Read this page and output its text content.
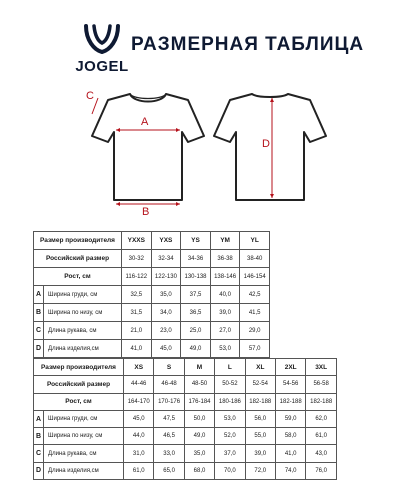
JOGEL
РАЗМЕРНАЯ ТАБЛИЦА
C
A
B
D
Размер производителя		YXXS	YXS	YS	YM	YL
Российский размер		30-32	32-34	34-36	36-38	38-40
Рост, см		116-122	122-130	130-138	138-146	146-154
A	Ширина груди, см	32,5	35,0	37,5	40,0	42,5
B	Ширина по низу, см	31,5	34,0	36,5	39,0	41,5
C	Длина рукава, см	21,0	23,0	25,0	27,0	29,0
D	Длина изделия,см	41,0	45,0	49,0	53,0	57,0
Размер производителя		XS	S	M	L	XL	2XL	3XL
Российский размер		44-46	46-48	48-50	50-52	52-54	54-56	56-58
Рост, см		164-170	170-176	176-184	180-186	182-188	182-188	182-188
A	Ширина груди, см	45,0	47,5	50,0	53,0	56,0	59,0	62,0
B	Ширина по низу, см	44,0	46,5	49,0	52,0	55,0	58,0	61,0
C	Длина рукава, см	31,0	33,0	35,0	37,0	39,0	41,0	43,0
D	Длина изделия,см	61,0	65,0	68,0	70,0	72,0	74,0	76,0
